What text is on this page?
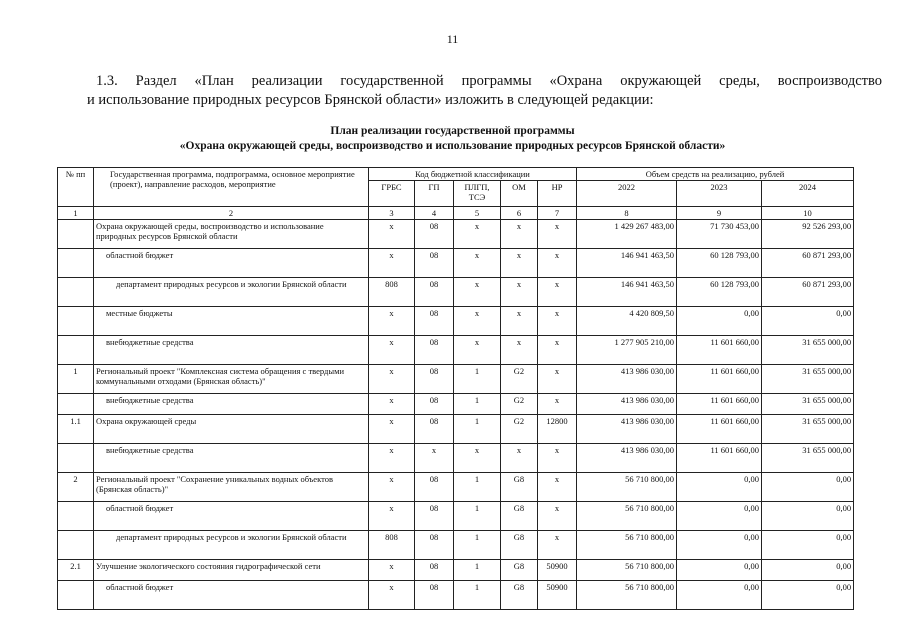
11
1.3. Раздел «План реализации государственной программы «Охрана окружающей среды, воспроизводство
и использование природных ресурсов Брянской области» изложить в следующей редакции:
План реализации государственной программы
«Охрана окружающей среды, воспроизводство и использование природных ресурсов Брянской области»
№ пп	Государственная программа, подпрограмма, основное мероприятие (проект), направление расходов, мероприятие	Код бюджетной классификации					Объем средств на реализацию, рублей		
		ГРБС	ГП	ПЛГП, ТСЭ	ОМ	НР	2022	2023	2024
1	2	3	4	5	6	7	8	9	10
	Охрана окружающей среды, воспроизводство и использование природных ресурсов Брянской области	x	08	x	x	x	1 429 267 483,00	71 730 453,00	92 526 293,00
	областной бюджет	x	08	x	x	x	146 941 463,50	60 128 793,00	60 871 293,00
	департамент природных ресурсов и экологии Брянской области	808	08	x	x	x	146 941 463,50	60 128 793,00	60 871 293,00
	местные бюджеты	x	08	x	x	x	4 420 809,50	0,00	0,00
	внебюджетные средства	x	08	x	x	x	1 277 905 210,00	11 601 660,00	31 655 000,00
1	Региональный проект "Комплексная система обращения с твердыми коммунальными отходами (Брянская область)"	x	08	1	G2	x	413 986 030,00	11 601 660,00	31 655 000,00
	внебюджетные средства	x	08	1	G2	x	413 986 030,00	11 601 660,00	31 655 000,00
1.1	Охрана окружающей среды	x	08	1	G2	12800	413 986 030,00	11 601 660,00	31 655 000,00
	внебюджетные средства	x	x	x	x	x	413 986 030,00	11 601 660,00	31 655 000,00
2	Региональный проект "Сохранение уникальных водных объектов (Брянская область)"	x	08	1	G8	x	56 710 800,00	0,00	0,00
	областной бюджет	x	08	1	G8	x	56 710 800,00	0,00	0,00
	департамент природных ресурсов и экологии Брянской области	808	08	1	G8	x	56 710 800,00	0,00	0,00
2.1	Улучшение экологического состояния гидрографической сети	x	08	1	G8	50900	56 710 800,00	0,00	0,00
	областной бюджет	x	08	1	G8	50900	56 710 800,00	0,00	0,00
